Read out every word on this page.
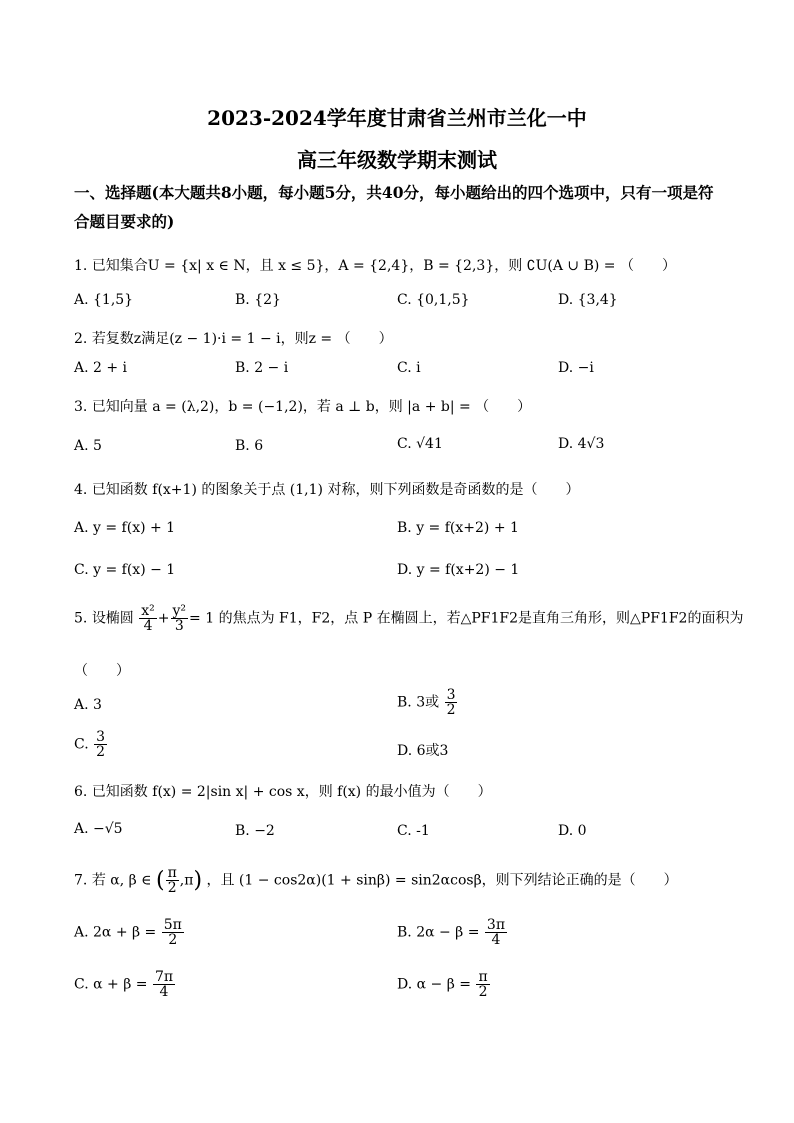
2023-2024学年度甘肃省兰州市兰化一中
高三年级数学期末测试
一、选择题(本大题共8小题，每小题5分，共40分，每小题给出的四个选项中，只有一项是符合题目要求的)
1. 已知集合U = {x| x ∈ N，且 x ≤ 5}，A = {2,4}，B = {2,3}，则 ∁U(A ∪ B) = （　　）
A. {1,5}	B. {2}	C. {0,1,5}	D. {3,4}
2. 若复数z满足(z − 1)·i = 1 − i，则z = （　　）
A. 2 + i	B. 2 − i	C. i	D. −i
3. 已知向量 a = (λ,2)，b = (−1,2)，若 a ⊥ b，则 |a + b| = （　　）
A. 5	B. 6	C. √41	D. 4√3
4. 已知函数 f(x+1) 的图象关于点 (1,1) 对称，则下列函数是奇函数的是（　　）
A. y = f(x) + 1	B. y = f(x+2) + 1
C. y = f(x) − 1	D. y = f(x+2) − 1
5. 设椭圆 $\frac{\text{x²}}{4} + \frac{\text{y²}}{3} = 1$ 的焦点为 F1，F2，点 P 在椭圆上，若△PF1F2是直角三角形，则△PF1F2的面积为
（　　）
A. 3	B. 3或 $\frac{3}{2}$
C. $\frac{3}{2}$	D. 6或3
6. 已知函数 f(x) = 2|sin x| + cos x，则 f(x) 的最小值为（　　）
A. −√5	B. −2	C. -1	D. 0
7. 若 α, β ∈ ( $\frac{\pi}{2} ,\pi$) ，且 (1 − cos2α)(1 + sinβ) = sin2αcosβ，则下列结论正确的是（　　）
A. $2\alpha + \beta = \frac{5\pi}{2}$	B. $2\alpha - \beta = \frac{3\pi}{4}$
C. $\alpha + \beta = \frac{7\pi}{4}$	D. $\alpha - \beta = \frac{\pi}{2}$
